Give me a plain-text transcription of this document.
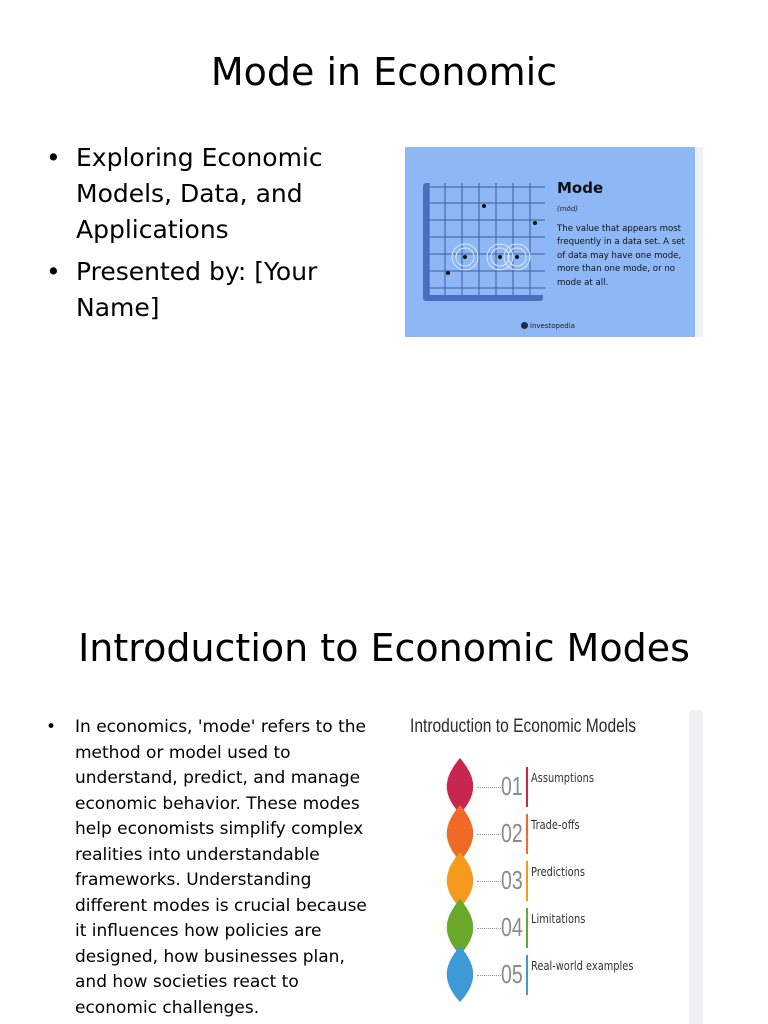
Mode in Economic
• Exploring Economic Models, Data, and Applications
• Presented by: [Your Name]
Mode
(mōd)
The value that appears most frequently in a data set. A set of data may have one mode, more than one mode, or no mode at all.
investopedia
Introduction to Economic Modes
• In economics, 'mode' refers to the method or model used to understand, predict, and manage economic behavior. These modes help economists simplify complex realities into understandable frameworks. Understanding different modes is crucial because it influences how policies are designed, how businesses plan, and how societies react to economic challenges.
Introduction to Economic Models
01 Assumptions
02 Trade-offs
03 Predictions
04 Limitations
05 Real-world examples
